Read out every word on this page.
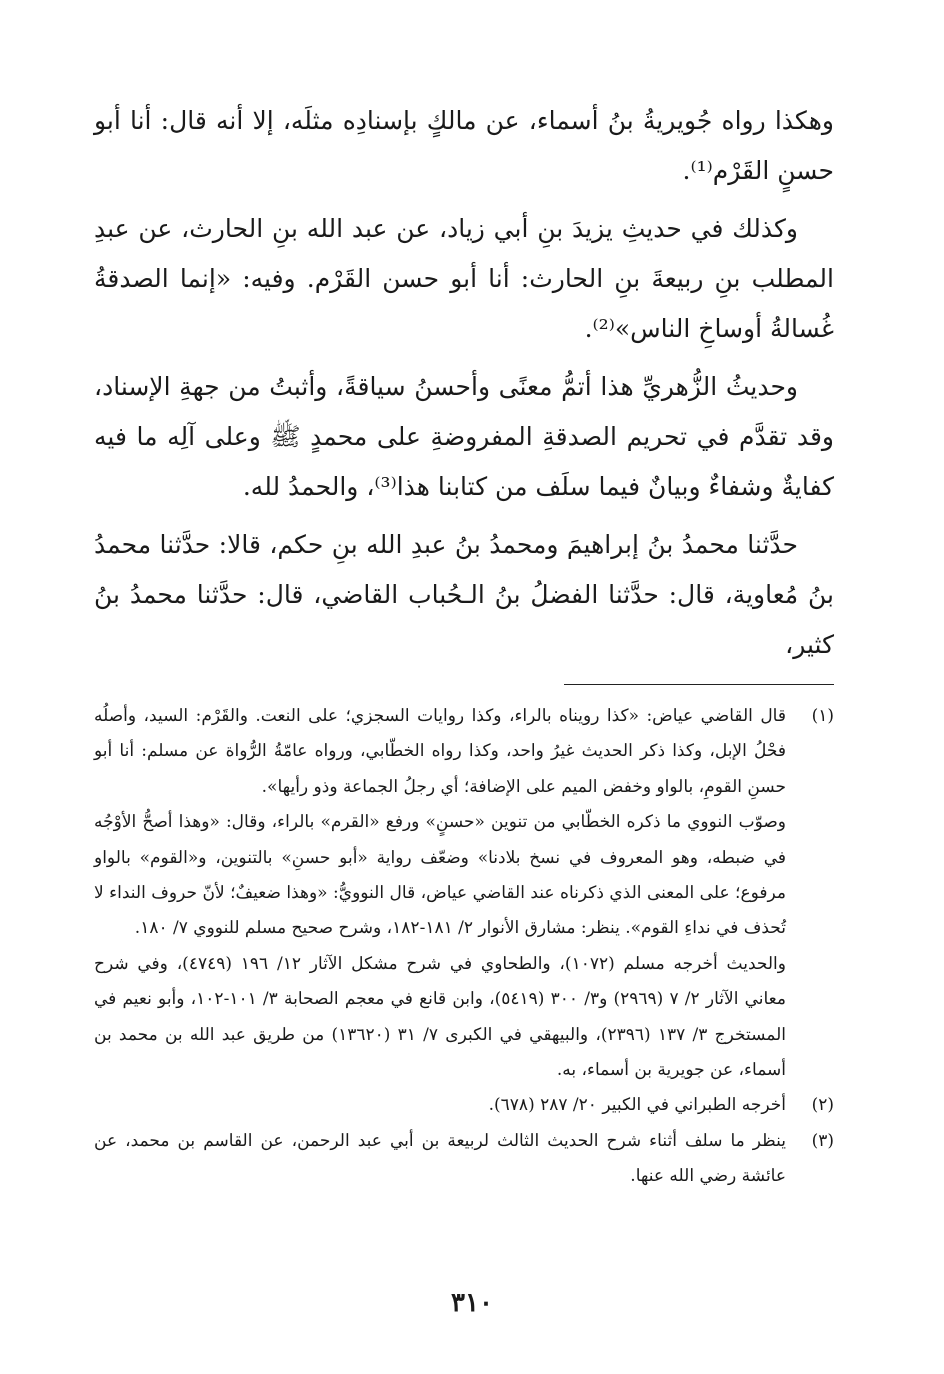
وهكذا رواه جُويريةُ بنُ أسماء، عن مالكٍ بإسنادِه مثلَه، إلا أنه قال: أنا أبو حسنٍ القَرْم⁽¹⁾.

وكذلك في حديثِ يزيدَ بنِ أبي زياد، عن عبد الله بنِ الحارث، عن عبدِ المطلب بنِ ربيعةَ بنِ الحارث: أنا أبو حسن القَرْم. وفيه: «إنما الصدقةُ غُسالةُ أوساخِ الناس»⁽²⁾.

وحديثُ الزُّهريِّ هذا أتمُّ معنًى وأحسنُ سياقةً، وأثبتُ من جهةِ الإسناد، وقد تقدَّم في تحريم الصدقةِ المفروضةِ على محمدٍ ﷺ وعلى آلِه ما فيه كفايةٌ وشفاءٌ وبيانٌ فيما سلَف من كتابنا هذا⁽³⁾، والحمدُ لله.

حدَّثنا محمدُ بنُ إبراهيمَ ومحمدُ بنُ عبدِ الله بنِ حكم، قالا: حدَّثنا محمدُ بنُ مُعاوية، قال: حدَّثنا الفضلُ بنُ الـحُباب القاضي، قال: حدَّثنا محمدُ بنُ كثير،

(١)
قال القاضي عياض: «كذا رويناه بالراء، وكذا روايات السجزي؛ على النعت. والقَرْم: السيد، وأصلُه فحْلُ الإبل، وكذا ذكر الحديث غيرُ واحد، وكذا رواه الخطّابي، ورواه عامّةُ الرُّواة عن مسلم: أنا أبو حسنِ القومِ، بالواو وخفض الميم على الإضافة؛ أي رجلُ الجماعة وذو رأيها».
وصوّب النووي ما ذكره الخطّابي من تنوين «حسنٍ» ورفع «القرم» بالراء، وقال: «وهذا أصحُّ الأوْجُه في ضبطه، وهو المعروف في نسخ بلادنا» وضعّف رواية «أبو حسنِ» بالتنوين، و«القوم» بالواو مرفوع؛ على المعنى الذي ذكرناه عند القاضي عياض، قال النوويُّ: «وهذا ضعيفٌ؛ لأنّ حروف النداء لا تُحذف في نداءِ القوم». ينظر: مشارق الأنوار ٢/ ١٨١-١٨٢، وشرح صحيح مسلم للنووي ٧/ ١٨٠.
والحديث أخرجه مسلم (١٠٧٢)، والطحاوي في شرح مشكل الآثار ١٢/ ١٩٦ (٤٧٤٩)، وفي شرح معاني الآثار ٢/ ٧ (٢٩٦٩) و٣/ ٣٠٠ (٥٤١٩)، وابن قانع في معجم الصحابة ٣/ ١٠١-١٠٢، وأبو نعيم في المستخرج ٣/ ١٣٧ (٢٣٩٦)، والبيهقي في الكبرى ٧/ ٣١ (١٣٦٢٠) من طريق عبد الله بن محمد بن أسماء، عن جويرية بن أسماء، به.
(٢)
أخرجه الطبراني في الكبير ٢٠/ ٢٨٧ (٦٧٨).
(٣)
ينظر ما سلف أثناء شرح الحديث الثالث لربيعة بن أبي عبد الرحمن، عن القاسم بن محمد، عن عائشة رضي الله عنها.
٣١٠
